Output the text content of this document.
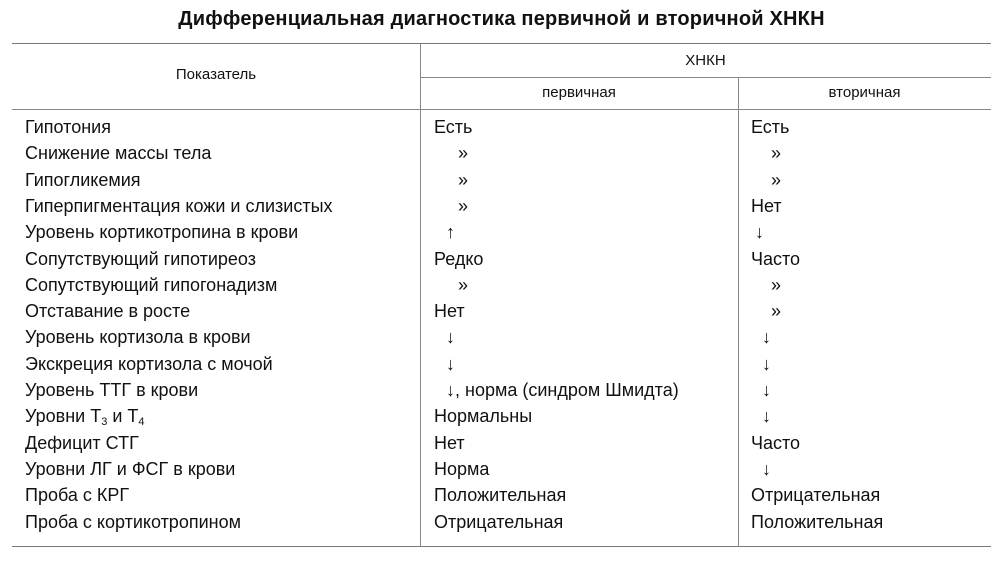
Дифференциальная диагностика первичной и вторичной ХНКН
Показатель
ХНКН
первичная	вторичная
Гипотония	Есть	Есть
Снижение массы тела	»	»
Гипогликемия	»	»
Гиперпигментация кожи и слизистых	»	Нет
Уровень кортикотропина в крови	↑	↓
Сопутствующий гипотиреоз	Редко	Часто
Сопутствующий гипогонадизм	»	»
Отставание в росте	Нет	»
Уровень кортизола в крови	↓	↓
Экскреция кортизола с мочой	↓	↓
Уровень ТТГ в крови	↓, норма (синдром Шмидта)	↓
Уровни $Т_3$ и $Т_4$	Нормальны	↓
Дефицит СТГ	Нет	Часто
Уровни ЛГ и ФСГ в крови	Норма	↓
Проба с КРГ	Положительная	Отрицательная
Проба с кортикотропином	Отрицательная	Положительная
